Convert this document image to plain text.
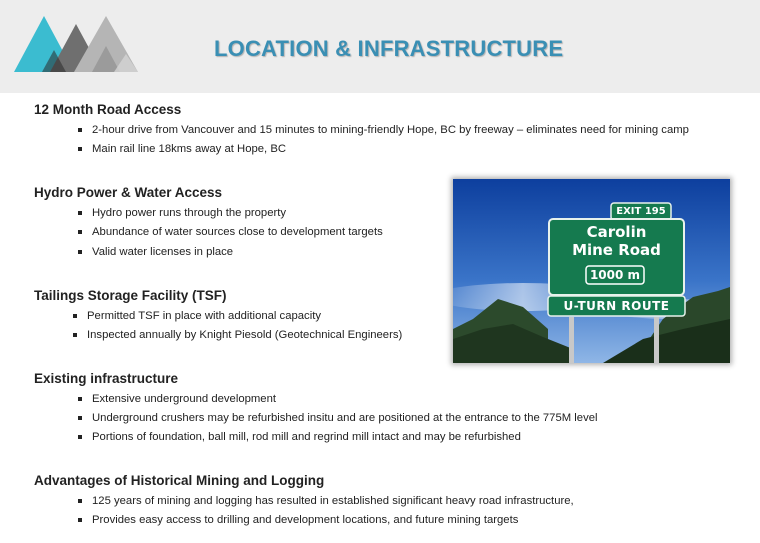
LOCATION & INFRASTRUCTURE
12 Month Road Access
2-hour drive from Vancouver and 15 minutes to mining-friendly Hope, BC by freeway – eliminates need for mining camp
Main rail line 18kms away at Hope, BC
Hydro Power & Water Access
Hydro power runs through the property
Abundance of water sources close to development targets
Valid water licenses in place
Tailings Storage Facility (TSF)
Permitted TSF in place with additional capacity
Inspected annually by Knight Piesold (Geotechnical Engineers)
Existing infrastructure
Extensive underground development
Underground crushers may be refurbished insitu and are positioned at the entrance to the 775M level
Portions of foundation, ball mill, rod mill and regrind mill intact and may be refurbished
Advantages of Historical Mining and Logging
125 years of mining and logging has resulted in established significant heavy road infrastructure,
Provides easy access to drilling and development locations, and future mining targets
EXIT 195
Carolin
Mine Road
1000 m
U-TURN ROUTE
